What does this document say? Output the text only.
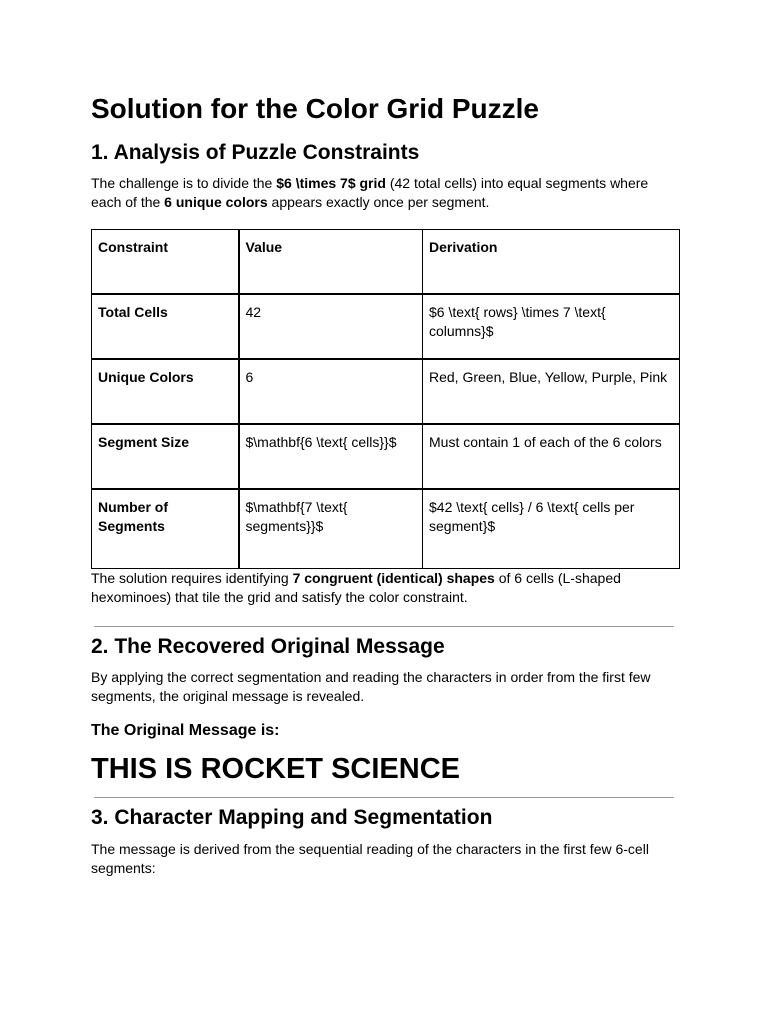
Solution for the Color Grid Puzzle
1. Analysis of Puzzle Constraints

The challenge is to divide the $6 \times 7$ grid (42 total cells) into equal segments where each of the 6 unique colors appears exactly once per segment.

Constraint	Value	Derivation
Total Cells	42	$6 \text{ rows} \times 7 \text{ columns}$
Unique Colors	6	Red, Green, Blue, Yellow, Purple, Pink
Segment Size	$\mathbf{6 \text{ cells}}$	Must contain 1 of each of the 6 colors
Number of Segments	$\mathbf{7 \text{ segments}}$	$42 \text{ cells} / 6 \text{ cells per segment}$

The solution requires identifying 7 congruent (identical) shapes of 6 cells (L-shaped hexominoes) that tile the grid and satisfy the color constraint.

2. The Recovered Original Message

By applying the correct segmentation and reading the characters in order from the first few segments, the original message is revealed.

The Original Message is:
THIS IS ROCKET SCIENCE
3. Character Mapping and Segmentation

The message is derived from the sequential reading of the characters in the first few 6-cell segments:
